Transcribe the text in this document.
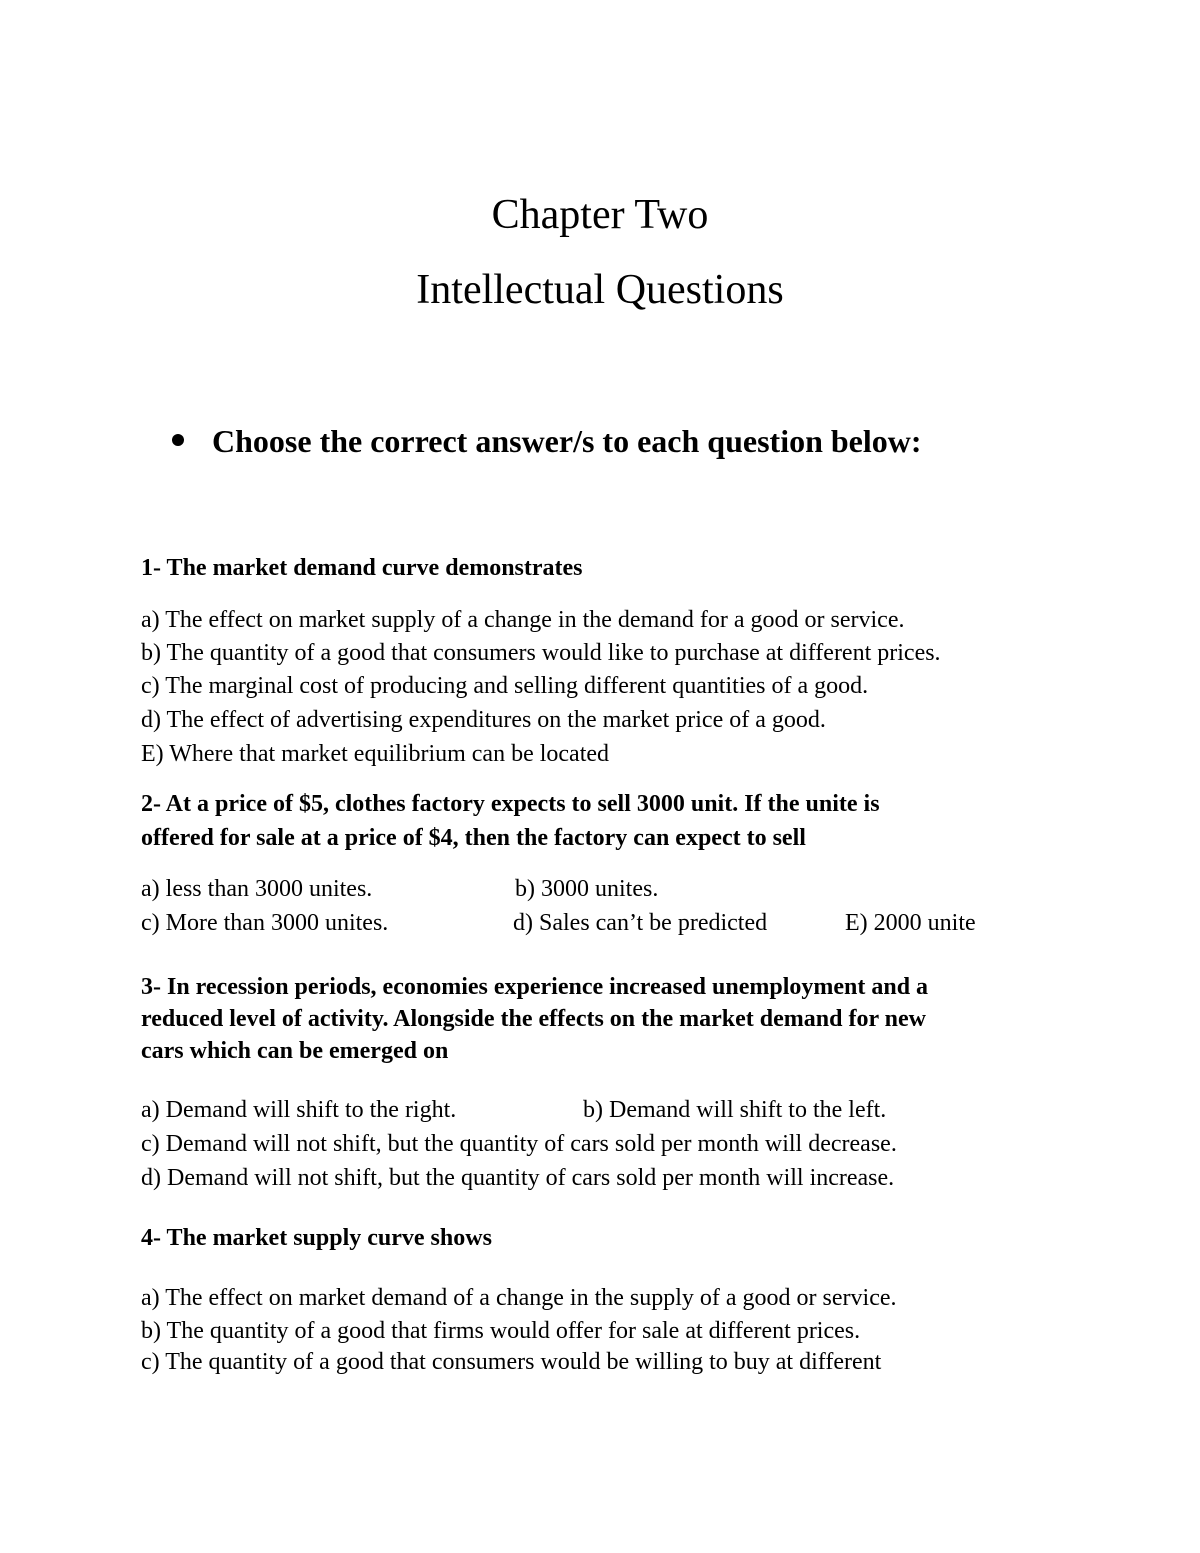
Chapter Two
Intellectual Questions
Choose the correct answer/s to each question below:

1- The market demand curve demonstrates

a) The effect on market supply of a change in the demand for a good or service.

b) The quantity of a good that consumers would like to purchase at different prices.

c) The marginal cost of producing and selling different quantities of a good.

d) The effect of advertising expenditures on the market price of a good.

E) Where that market equilibrium can be located

2- At a price of $5, clothes factory expects to sell 3000 unit. If the unite is

offered for sale at a price of $4, then the factory can expect to sell

a) less than 3000 unites.	b) 3000 unites.

c) More than 3000 unites.	d) Sales can’t be predicted	E) 2000 unite

3- In recession periods, economies experience increased unemployment and a

reduced level of activity. Alongside the effects on the market demand for new

cars which can be emerged on

a) Demand will shift to the right.	b) Demand will shift to the left.

c) Demand will not shift, but the quantity of cars sold per month will decrease.

d) Demand will not shift, but the quantity of cars sold per month will increase.

4- The market supply curve shows

a) The effect on market demand of a change in the supply of a good or service.

b) The quantity of a good that firms would offer for sale at different prices.

c) The quantity of a good that consumers would be willing to buy at different
